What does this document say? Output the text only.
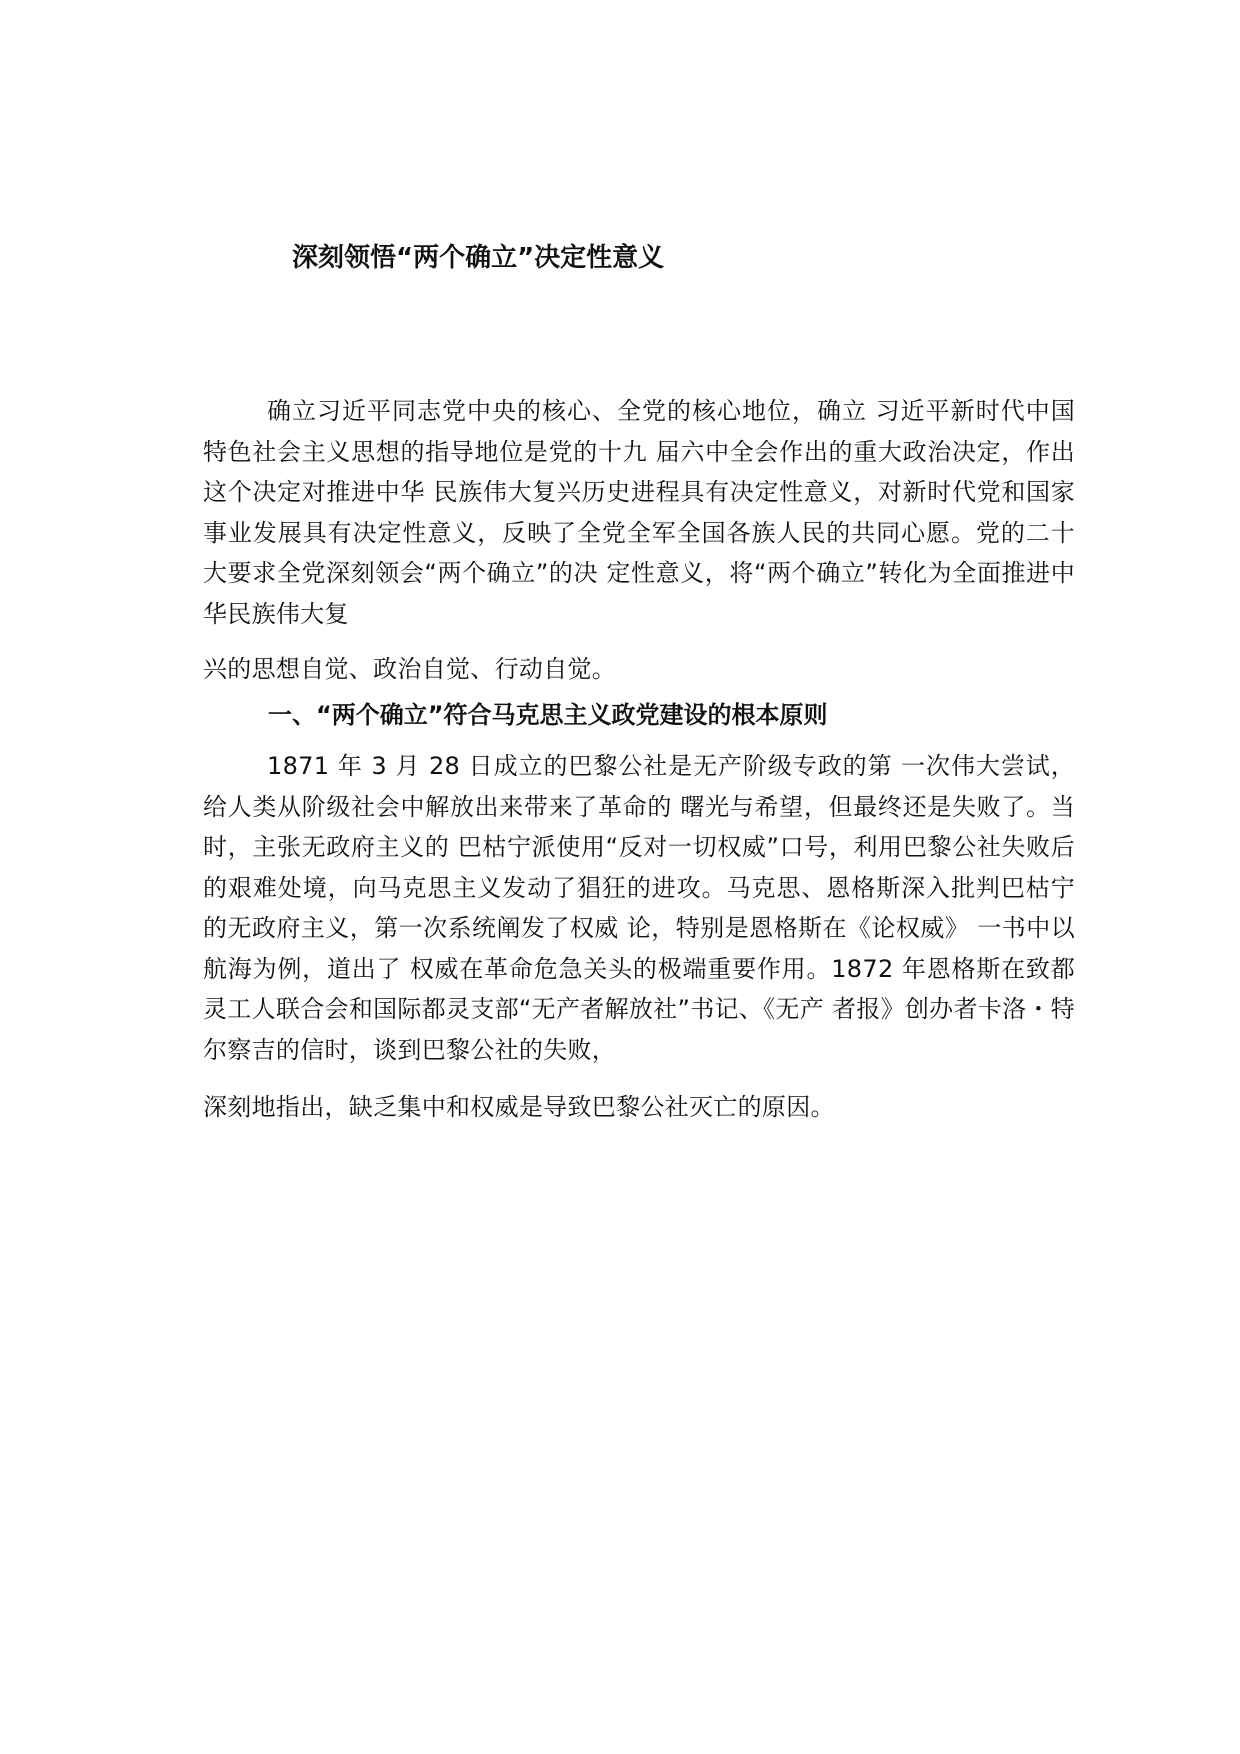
深刻领悟“两个确立”决定性意义
确立习近平同志党中央的核心、全党的核心地位，确立 习近平新时代中国特色社会主义思想的指导地位是党的十九 届六中全会作出的重大政治决定，作出这个决定对推进中华 民族伟大复兴历史进程具有决定性意义，对新时代党和国家 事业发展具有决定性意义，反映了全党全军全国各族人民的共同心愿。党的二十大要求全党深刻领会“两个确立”的决 定性意义，将“两个确立”转化为全面推进中华民族伟大复
兴的思想自觉、政治自觉、行动自觉。
一、“两个确立”符合马克思主义政党建设的根本原则
1871 年 3 月 28 日成立的巴黎公社是无产阶级专政的第 一次伟大尝试，给人类从阶级社会中解放出来带来了革命的 曙光与希望，但最终还是失败了。当时，主张无政府主义的 巴枯宁派使用“反对一切权威”口号，利用巴黎公社失败后 的艰难处境，向马克思主义发动了猖狂的进攻。马克思、恩格斯深入批判巴枯宁的无政府主义，第一次系统阐发了权威 论，特别是恩格斯在《论权威》 一书中以航海为例，道出了 权威在革命危急关头的极端重要作用。1872 年恩格斯在致都 灵工人联合会和国际都灵支部“无产者解放社”书记、《无产 者报》创办者卡洛・特尔察吉的信时，谈到巴黎公社的失败，
深刻地指出，缺乏集中和权威是导致巴黎公社灭亡的原因。
